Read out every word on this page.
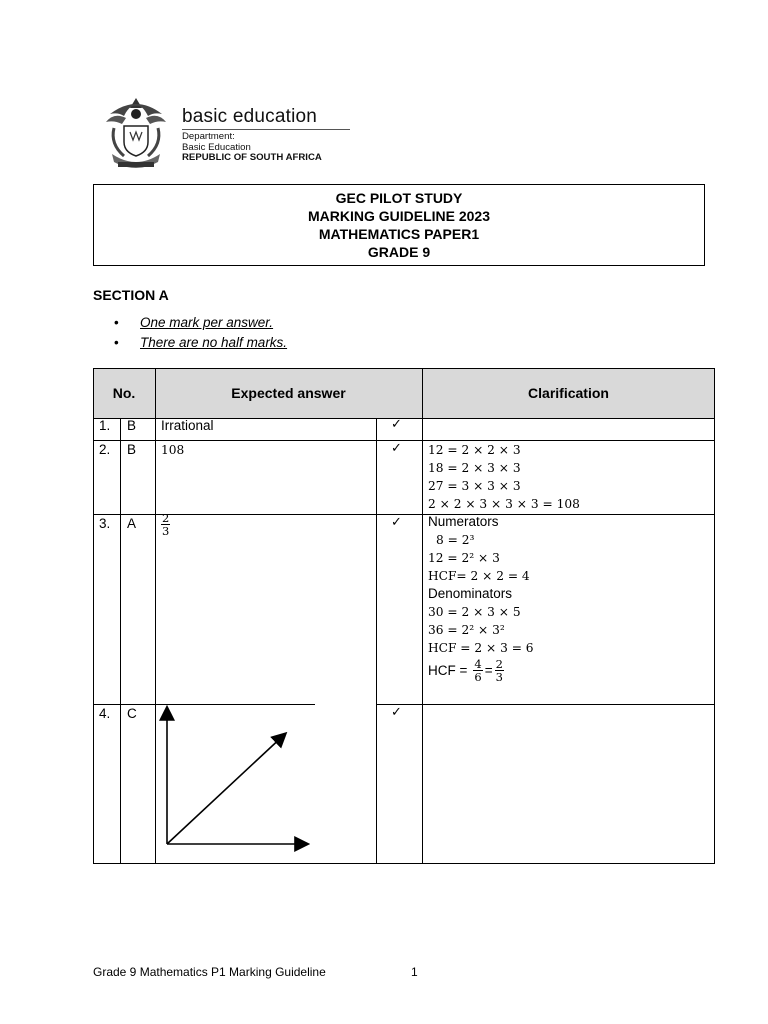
basic education
Department:
Basic Education
REPUBLIC OF SOUTH AFRICA
GEC PILOT STUDY
MARKING GUIDELINE 2023
MATHEMATICS PAPER1
GRADE 9
SECTION A
• One mark per answer.
• There are no half marks.
No.	Expected answer	Clarification
1. B Irrational	✓
2. B 108	✓ 12 = 2 × 2 × 3
18 = 2 × 3 × 3
27 = 3 × 3 × 3
2 × 2 × 3 × 3 × 3 = 108
3. A $\frac{2}{3}$	✓ Numerators
8 = 2³
12 = 2² × 3
HCF= 2 × 2 = 4
Denominators
30 = 2 × 3 × 5
36 = 2² × 3²
HCF = 2 × 3 = 6
HCF = $\frac{4}{6} = \frac{2}{3}$
4. C	✓
Grade 9 Mathematics P1 Marking Guideline	1
